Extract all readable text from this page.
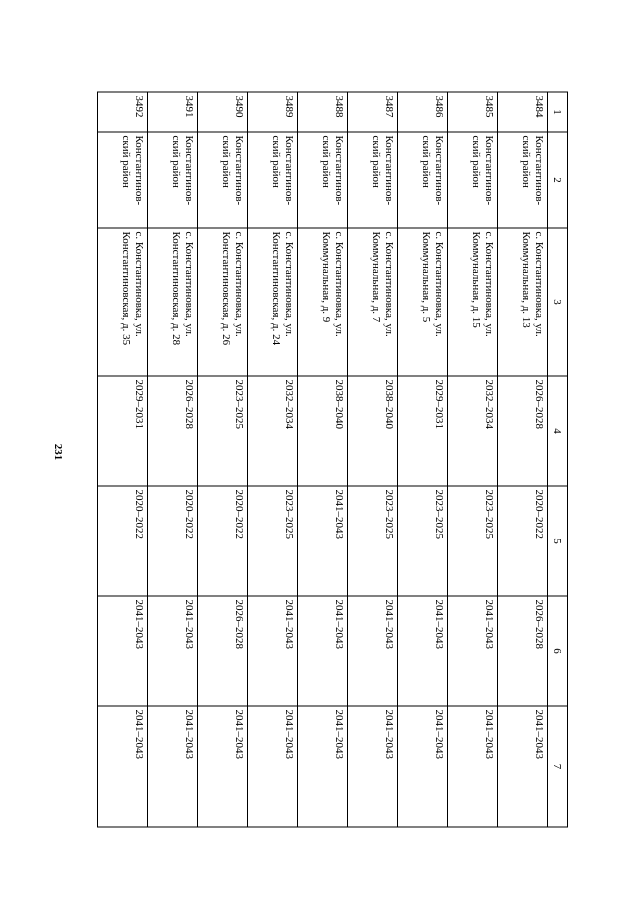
231
1	2	3	4	5	6	7
3484	Константинов-ский район	с. Константиновка, ул. Коммунальная, д. 13	2026–2028	2020–2022	2026–2028	2041–2043
3485	Константинов-ский район	с. Константиновка, ул. Коммунальная, д. 15	2032–2034	2023–2025	2041–2043	2041–2043
3486	Константинов-ский район	с. Константиновка, ул. Коммунальная, д. 5	2029–2031	2023–2025	2041–2043	2041–2043
3487	Константинов-ский район	с. Константиновка, ул. Коммунальная, д. 7	2038–2040	2023–2025	2041–2043	2041–2043
3488	Константинов-ский район	с. Константиновка, ул. Коммунальная, д. 9	2038–2040	2041–2043	2041–2043	2041–2043
3489	Константинов-ский район	с. Константиновка, ул. Константиновская, д. 24	2032–2034	2023–2025	2041–2043	2041–2043
3490	Константинов-ский район	с. Константиновка, ул. Константиновская, д. 26	2023–2025	2020–2022	2026–2028	2041–2043
3491	Константинов-ский район	с. Константиновка, ул. Константиновская, д. 28	2026–2028	2020–2022	2041–2043	2041–2043
3492	Константинов-ский район	с. Константиновка, ул. Константиновская, д. 35	2029–2031	2020–2022	2041–2043	2041–2043
